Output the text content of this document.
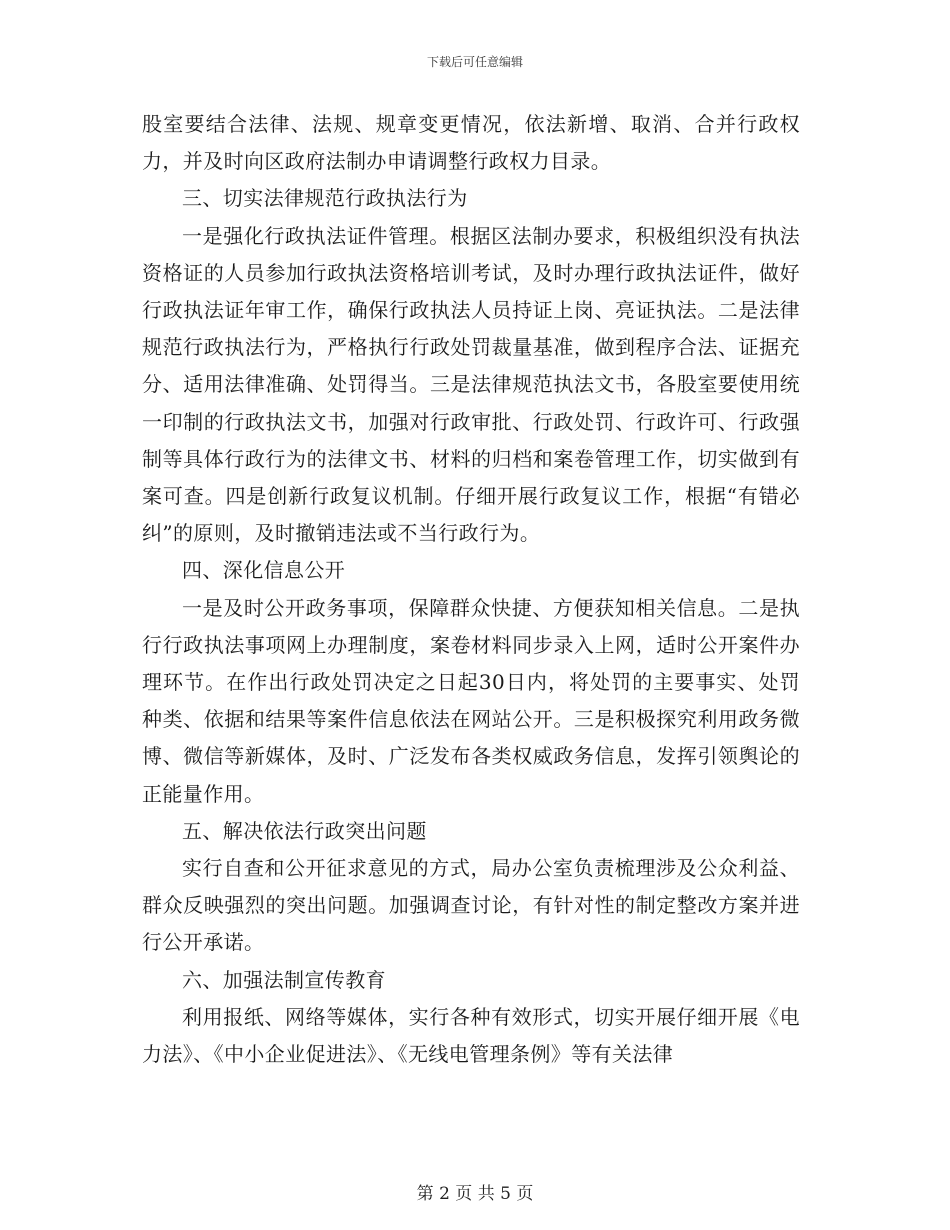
下载后可任意编辑

股室要结合法律、法规、规章变更情况，依法新增、取消、合并行政权力，并及时向区政府法制办申请调整行政权力目录。

三、切实法律规范行政执法行为

一是强化行政执法证件管理。根据区法制办要求，积极组织没有执法资格证的人员参加行政执法资格培训考试，及时办理行政执法证件，做好行政执法证年审工作，确保行政执法人员持证上岗、亮证执法。二是法律规范行政执法行为，严格执行行政处罚裁量基准，做到程序合法、证据充分、适用法律准确、处罚得当。三是法律规范执法文书，各股室要使用统一印制的行政执法文书，加强对行政审批、行政处罚、行政许可、行政强制等具体行政行为的法律文书、材料的归档和案卷管理工作，切实做到有案可查。四是创新行政复议机制。仔细开展行政复议工作，根据“有错必纠”的原则，及时撤销违法或不当行政行为。

四、深化信息公开

一是及时公开政务事项，保障群众快捷、方便获知相关信息。二是执行行政执法事项网上办理制度，案卷材料同步录入上网，适时公开案件办理环节。在作出行政处罚决定之日起30日内，将处罚的主要事实、处罚种类、依据和结果等案件信息依法在网站公开。三是积极探究利用政务微博、微信等新媒体，及时、广泛发布各类权威政务信息，发挥引领舆论的正能量作用。

五、解决依法行政突出问题

实行自查和公开征求意见的方式，局办公室负责梳理涉及公众利益、群众反映强烈的突出问题。加强调查讨论，有针对性的制定整改方案并进行公开承诺。

六、加强法制宣传教育

利用报纸、网络等媒体，实行各种有效形式，切实开展仔细开展《电力法》、《中小企业促进法》、《无线电管理条例》等有关法律

第 2 页 共 5 页
